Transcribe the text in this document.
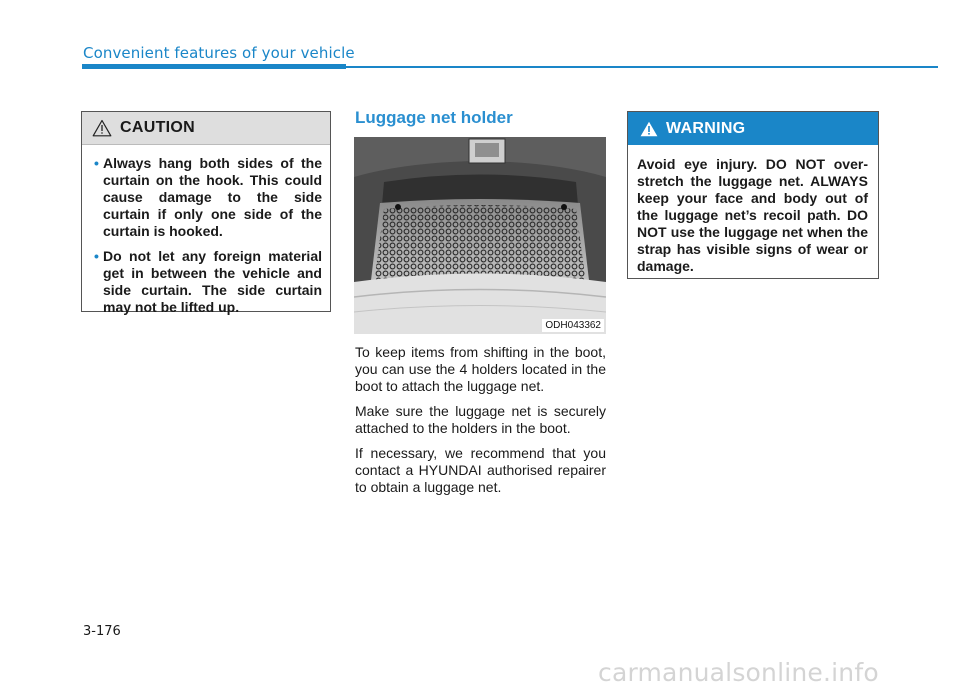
Convenient features of your vehicle
CAUTION
• Always hang both sides of the curtain on the hook. This could cause damage to the side curtain if only one side of the curtain is hooked.
• Do not let any foreign material get in between the vehicle and side curtain. The side curtain may not be lifted up.
Luggage net holder
ODH043362

To keep items from shifting in the boot, you can use the 4 holders located in the boot to attach the luggage net.

Make sure the luggage net is securely attached to the holders in the boot.

If necessary, we recommend that you contact a HYUNDAI authorised repairer to obtain a luggage net.

WARNING
Avoid eye injury. DO NOT over-stretch the luggage net. ALWAYS keep your face and body out of the luggage net’s recoil path. DO NOT use the luggage net when the strap has visible signs of wear or damage.
3-176
carmanualsonline.info
